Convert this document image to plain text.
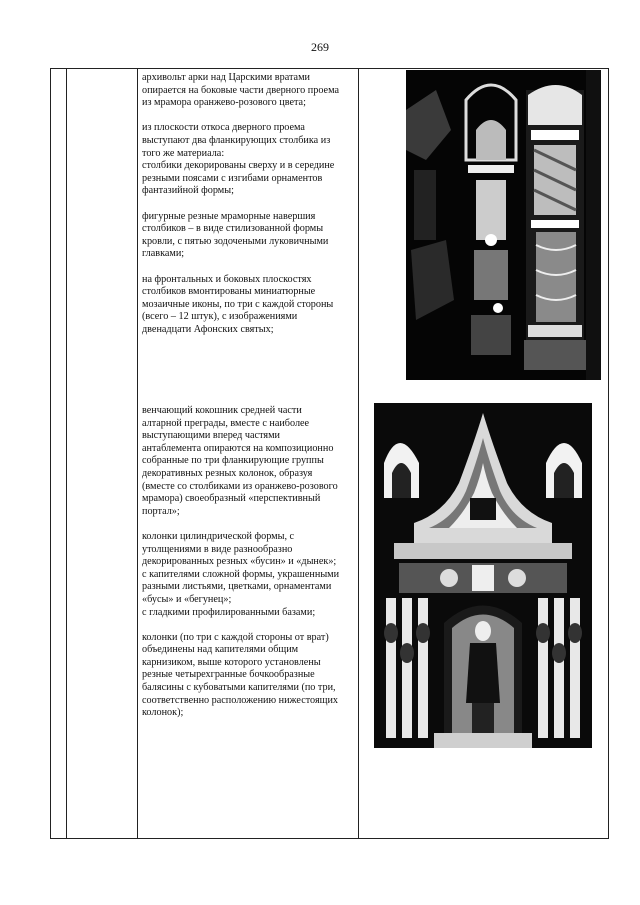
269

архивольт арки над Царскими вратами
опирается на боковые части дверного проема
из мрамора оранжево-розового цвета;

из плоскости откоса дверного проема
выступают два фланкирующих столбика из
того же материала:
столбики декорированы сверху и в середине
резными поясами с изгибами орнаментов
фантазийной формы;

фигурные резные мраморные навершия
столбиков – в виде стилизованной формы
кровли, с пятью зодочеными луковичными
главками;

на фронтальных и боковых плоскостях
столбиков вмонтированы миниатюрные
мозаичные иконы, по три с каждой стороны
(всего – 12 штук), с изображениями
двенадцати Афонских святых;

венчающий кокошник средней части
алтарной преграды, вместе с наиболее
выступающими вперед частями
антаблемента опираются на композиционно
собранные по три фланкирующие группы
декоративных резных колонок, образуя
(вместе со столбиками из оранжево-розового
мрамора) своеобразный «перспективный
портал»;

колонки цилиндрической формы, с
утолщениями в виде разнообразно
декорированных резных «бусин» и «дынек»;
с капителями сложной формы, украшенными
разными листьями, цветками, орнаментами
«бусы» и «бегунец»;
с гладкими профилированными базами;

колонки (по три с каждой стороны от врат)
объединены над капителями общим
карнизиком, выше которого установлены
резные четырехгранные бочкообразные
балясины с кубоватыми капителями (по три,
соответственно расположению нижестоящих
колонок);
